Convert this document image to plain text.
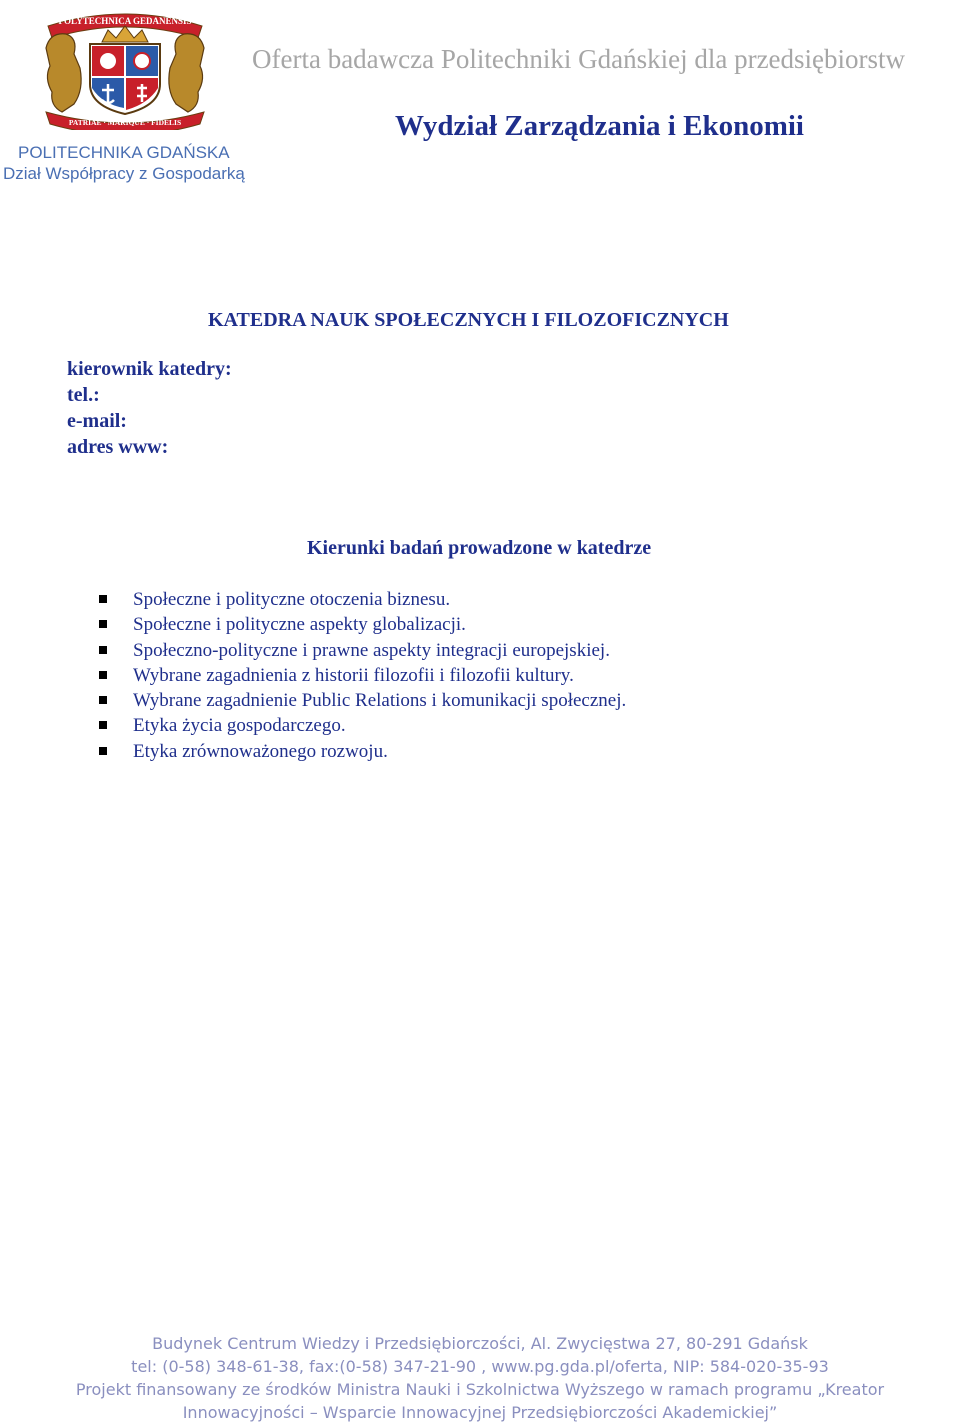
POLYTECHNICA GEDANENSIS
PATRIAE · MARIQUE · FIDELIS
Oferta badawcza Politechniki Gdańskiej dla przedsiębiorstw
Wydział Zarządzania i Ekonomii
POLITECHNIKA GDAŃSKA
Dział Współpracy z Gospodarką
KATEDRA NAUK SPOŁECZNYCH I FILOZOFICZNYCH
kierownik katedry:
tel.:
e-mail:
adres www:
Kierunki badań prowadzone w katedrze
Społeczne i polityczne otoczenia biznesu.
Społeczne i polityczne aspekty globalizacji.
Społeczno-polityczne i prawne aspekty integracji europejskiej.
Wybrane zagadnienia z historii filozofii i filozofii kultury.
Wybrane zagadnienie Public Relations i komunikacji społecznej.
Etyka życia gospodarczego.
Etyka zrównoważonego rozwoju.
Budynek Centrum Wiedzy i Przedsiębiorczości, Al. Zwycięstwa 27, 80-291 Gdańsk
tel: (0-58) 348-61-38, fax:(0-58) 347-21-90 , www.pg.gda.pl/oferta, NIP: 584-020-35-93
Projekt finansowany ze środków Ministra Nauki i Szkolnictwa Wyższego w ramach programu „Kreator
Innowacyjności – Wsparcie Innowacyjnej Przedsiębiorczości Akademickiej”
